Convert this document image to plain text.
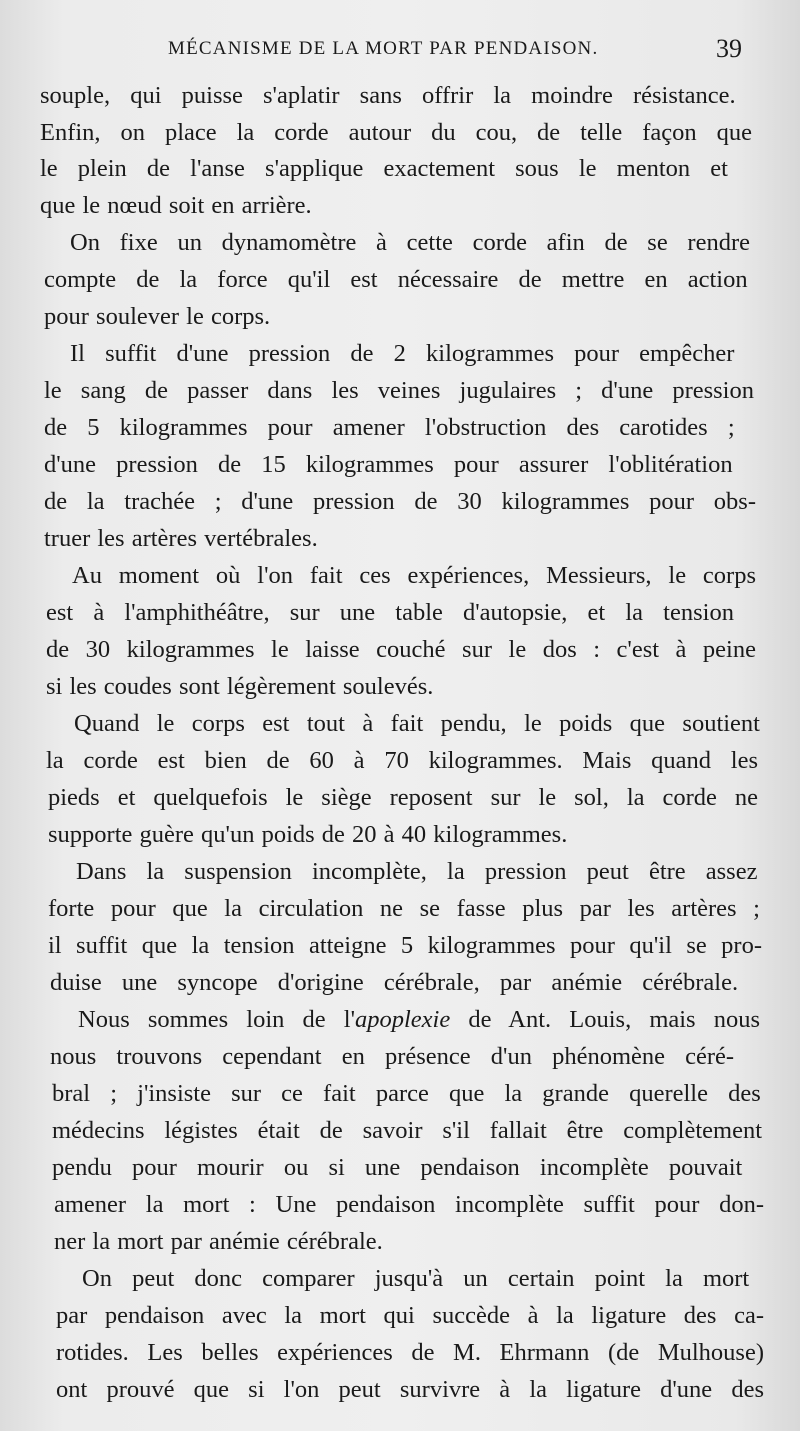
MÉCANISME DE LA MORT PAR PENDAISON.	39
souple, qui puisse s'aplatir sans offrir la moindre résistance.
Enfin, on place la corde autour du cou, de telle façon que
le plein de l'anse s'applique exactement sous le menton et
que le nœud soit en arrière.
On fixe un dynamomètre à cette corde afin de se rendre
compte de la force qu'il est nécessaire de mettre en action
pour soulever le corps.
Il suffit d'une pression de 2 kilogrammes pour empêcher
le sang de passer dans les veines jugulaires ; d'une pression
de 5 kilogrammes pour amener l'obstruction des carotides ;
d'une pression de 15 kilogrammes pour assurer l'oblitération
de la trachée ; d'une pression de 30 kilogrammes pour obs-
truer les artères vertébrales.
Au moment où l'on fait ces expériences, Messieurs, le corps
est à l'amphithéâtre, sur une table d'autopsie, et la tension
de 30 kilogrammes le laisse couché sur le dos : c'est à peine
si les coudes sont légèrement soulevés.
Quand le corps est tout à fait pendu, le poids que soutient
la corde est bien de 60 à 70 kilogrammes. Mais quand les
pieds et quelquefois le siège reposent sur le sol, la corde ne
supporte guère qu'un poids de 20 à 40 kilogrammes.
Dans la suspension incomplète, la pression peut être assez
forte pour que la circulation ne se fasse plus par les artères ;
il suffit que la tension atteigne 5 kilogrammes pour qu'il se pro-
duise une syncope d'origine cérébrale, par anémie cérébrale.
Nous sommes loin de l'apoplexie de Ant. Louis, mais nous
nous trouvons cependant en présence d'un phénomène céré-
bral ; j'insiste sur ce fait parce que la grande querelle des
médecins légistes était de savoir s'il fallait être complètement
pendu pour mourir ou si une pendaison incomplète pouvait
amener la mort : Une pendaison incomplète suffit pour don-
ner la mort par anémie cérébrale.
On peut donc comparer jusqu'à un certain point la mort
par pendaison avec la mort qui succède à la ligature des ca-
rotides. Les belles expériences de M. Ehrmann (de Mulhouse)
ont prouvé que si l'on peut survivre à la ligature d'une des
